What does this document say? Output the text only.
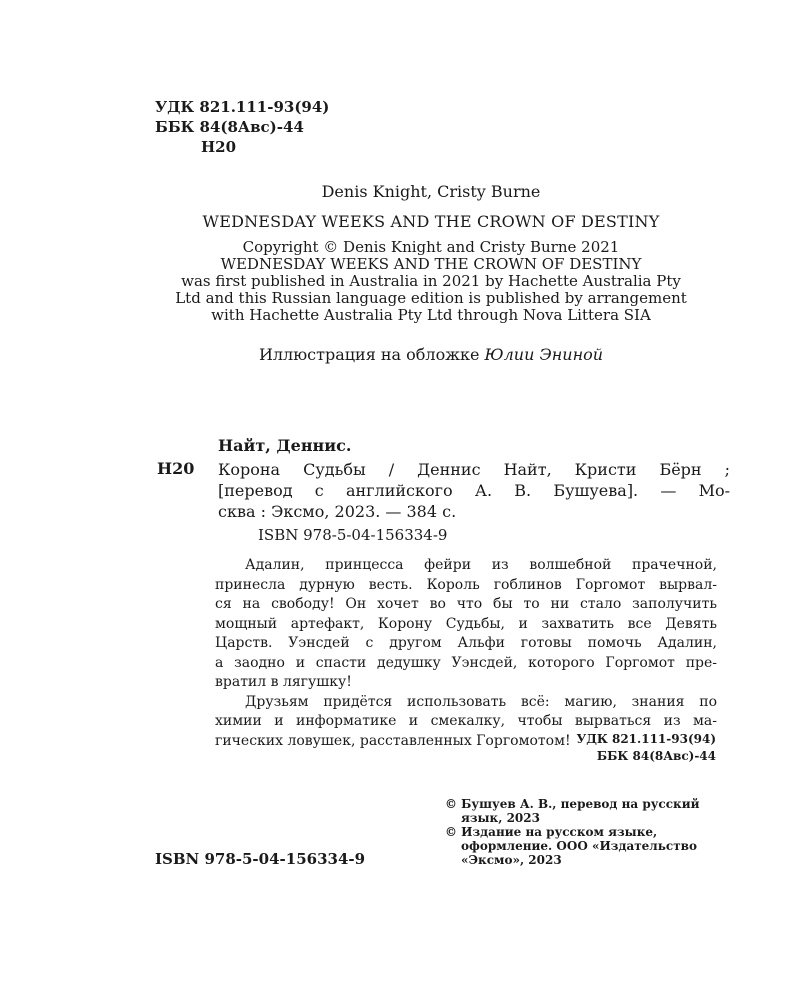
УДК 821.111-93(94)
ББК 84(8Авс)-44
Н20
Denis Knight, Cristy Burne
WEDNESDAY WEEKS AND THE CROWN OF DESTINY
Copyright © Denis Knight and Cristy Burne 2021
WEDNESDAY WEEKS AND THE CROWN OF DESTINY
was first published in Australia in 2021 by Hachette Australia Pty
Ltd and this Russian language edition is published by arrangement
with Hachette Australia Pty Ltd through Nova Littera SIA
Иллюстрация на обложке Юлии Эниной
Найт, Деннис.
Н20 Корона Судьбы / Деннис Найт, Кристи Бёрн ;
[перевод с английского А. В. Бушуева]. — Мо-
сква : Эксмо, 2023. — 384 с.
ISBN 978-5-04-156334-9
Адалин, принцесса фейри из волшебной прачечной,
принесла дурную весть. Король гоблинов Горгомот вырвал-
ся на свободу! Он хочет во что бы то ни стало заполучить
мощный артефакт, Корону Судьбы, и захватить все Девять
Царств. Уэнсдей с другом Альфи готовы помочь Адалин,
а заодно и спасти дедушку Уэнсдей, которого Горгомот пре-
вратил в лягушку!
Друзьям придётся использовать всё: магию, знания по
химии и информатике и смекалку, чтобы вырваться из ма-
гических ловушек, расставленных Горгомотом! УДК 821.111-93(94)
ББК 84(8Авс)-44
© Бушуев А. В., перевод на русский
язык, 2023
© Издание на русском языке,
оформление. ООО «Издательство
«Эксмо», 2023
ISBN 978-5-04-156334-9
